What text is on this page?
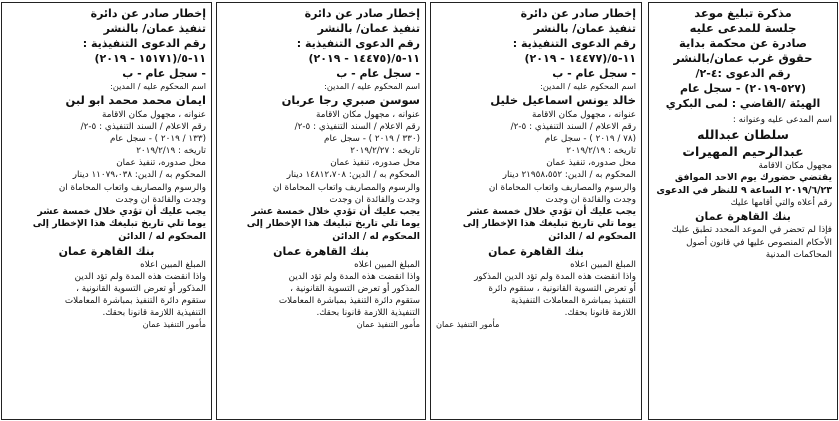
مذكرة تبليغ موعد
جلسة للمدعى عليه
صادرة عن محكمة بداية
حقوق غرب عمان/بالنشر
رقم الدعوى :٤-٢/
(٥٢٧-٢٠١٩) - سجل عام
الهيئة /القاضي : لمى البكري
اسم المدعى عليه وعنوانه :
سلطان عبدالله
عبدالرحيم المهيرات
مجهول مكان الاقامة
يقتضي حضورك يوم الاحد الموافق
٢٠١٩/٦/٢٣ الساعة ٩ للنظر في الدعوى
رقم أعلاه والتي أقامها عليك
بنك القاهرة عمان
فإذا لم تحضر في الموعد المحدد تطبق عليك
الأحكام المنصوص عليها في قانون أصول
المحاكمات المدنية
إخطار صادر عن دائرة
تنفيذ عمان/ بالنشر
رقم الدعوى التنفيذية :
١١-٥/(١٤٤٧٧ - ٢٠١٩)
- سجل عام - ب
اسم المحكوم عليه / المدين:
خالد يونس اسماعيل خليل
عنوانه ، مجهول مكان الاقامة
رقم الاعلام / السند التنفيذي : ٥-٢/
(٧٨ / ٢٠١٩ ) - سجل عام
تاريخه : ٢٠١٩/٢/١٩
محل صدوره، تنفيذ عمان
المحكوم به / الدين: ٢١٩٥٨،٥٥٢ دينار
والرسوم والمصاريف واتعاب المحاماة ان
وجدت والفائدة ان وجدت
يجب عليك أن تؤدي خلال خمسة عشر
يوما تلي تاريخ تبليغك هذا الإخطار إلى
المحكوم له / الدائن
بنك القاهرة عمان
المبلغ المبين اعلاه
واذا انقضت هذه المدة ولم تؤد الدين المذكور
أو تعرض التسوية القانونية ، ستقوم دائرة
التنفيذ بمباشرة المعاملات التنفيذية
اللازمة قانونا بحقك.
مأمور التنفيذ عمان
إخطار صادر عن دائرة
تنفيذ عمان/ بالنشر
رقم الدعوى التنفيذية :
١١-٥/(١٤٤٧٥ - ٢٠١٩)
- سجل عام - ب
اسم المحكوم عليه / المدين:
سوسن صبري رجا عربان
عنوانه ، مجهول مكان الاقامة
رقم الاعلام / السند التنفيذي : ٥-٢/
(٣٣٠ / ٢٠١٩ ) - سجل عام
تاريخه : ٢٠١٩/٢/٢٧
محل صدوره، تنفيذ عمان
المحكوم به / الدين: ١٤٨١٢،٧٠٨ دينار
والرسوم والمصاريف واتعاب المحاماة ان
وجدت والفائدة ان وجدت
يجب عليك أن تؤدي خلال خمسة عشر
يوما تلي تاريخ تبليغك هذا الإخطار إلى
المحكوم له / الدائن
بنك القاهرة عمان
المبلغ المبين اعلاه
واذا انقضت هذه المدة ولم تؤد الدين
المذكور أو تعرض التسوية القانونية ،
ستقوم دائرة التنفيذ بمباشرة المعاملات
التنفيذية اللازمة قانونا بحقك.
مأمور التنفيذ عمان
إخطار صادر عن دائرة
تنفيذ عمان/ بالنشر
رقم الدعوى التنفيذية :
١١-٥/(١٥١٧١ - ٢٠١٩)
- سجل عام - ب
اسم المحكوم عليه / المدين:
ايمان محمد محمد ابو لبن
عنوانه ، مجهول مكان الاقامة
رقم الاعلام / السند التنفيذي : ٥-٢/
(١٣٣ / ٢٠١٩ ) - سجل عام
تاريخه : ٢٠١٩/٢/١٩
محل صدوره، تنفيذ عمان
المحكوم به / الدين: ١١٠٧٩،٠٣٨ دينار
والرسوم والمصاريف واتعاب المحاماة ان
وجدت والفائدة ان وجدت
يجب عليك أن تؤدي خلال خمسة عشر
يوما تلي تاريخ تبليغك هذا الإخطار إلى
المحكوم له / الدائن
بنك القاهرة عمان
المبلغ المبين اعلاه
واذا انقضت هذه المدة ولم تؤد الدين
المذكور أو تعرض التسوية القانونية ،
ستقوم دائرة التنفيذ بمباشرة المعاملات
التنفيذية اللازمة قانونا بحقك.
مأمور التنفيذ عمان
